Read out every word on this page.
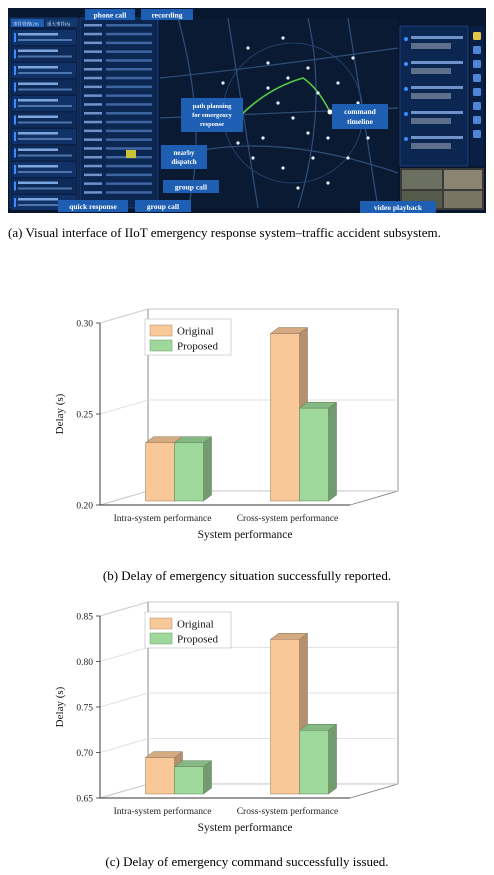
事件管理(20) 重大事件(6)
phone call	recording
path planning
for emergency
response
command
timeline
nearby
dispatch
group call
quick response	group call	video playback
(a) Visual interface of IIoT emergency response system–traffic accident subsystem.
0.20
0.25
0.30
Intra-system performance	Cross-system performance
System performance
Delay (s)
Original
Proposed
(b) Delay of emergency situation successfully reported.
0.65
0.70
0.75
0.80
0.85
Intra-system performance	Cross-system performance
System performance
Delay (s)
Original
Proposed
(c) Delay of emergency command successfully issued.
